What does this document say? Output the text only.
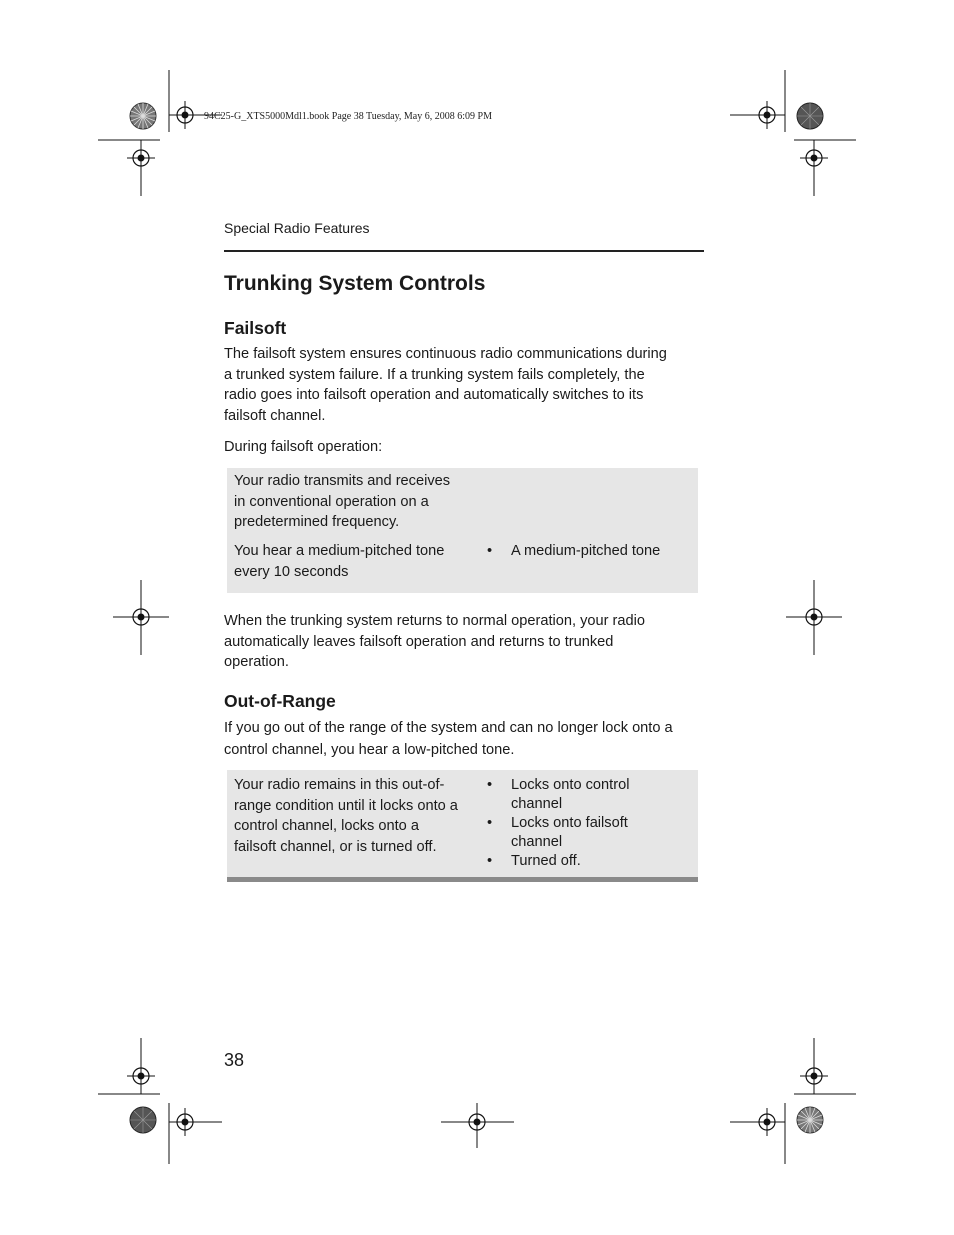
94C25-G_XTS5000Mdl1.book Page 38 Tuesday, May 6, 2008 6:09 PM
Special Radio Features
Trunking System Controls
Failsoft
The failsoft system ensures continuous radio communications during
a trunked system failure. If a trunking system fails completely, the
radio goes into failsoft operation and automatically switches to its
failsoft channel.
During failsoft operation:
Your radio transmits and receives
in conventional operation on a
predetermined frequency.
You hear a medium-pitched tone
every 10 seconds
• A medium-pitched tone
When the trunking system returns to normal operation, your radio
automatically leaves failsoft operation and returns to trunked
operation.
Out-of-Range
If you go out of the range of the system and can no longer lock onto a
control channel, you hear a low-pitched tone.
Your radio remains in this out-of-
range condition until it locks onto a
control channel, locks onto a
failsoft channel, or is turned off.
• Locks onto control
channel
• Locks onto failsoft
channel
• Turned off.
38
